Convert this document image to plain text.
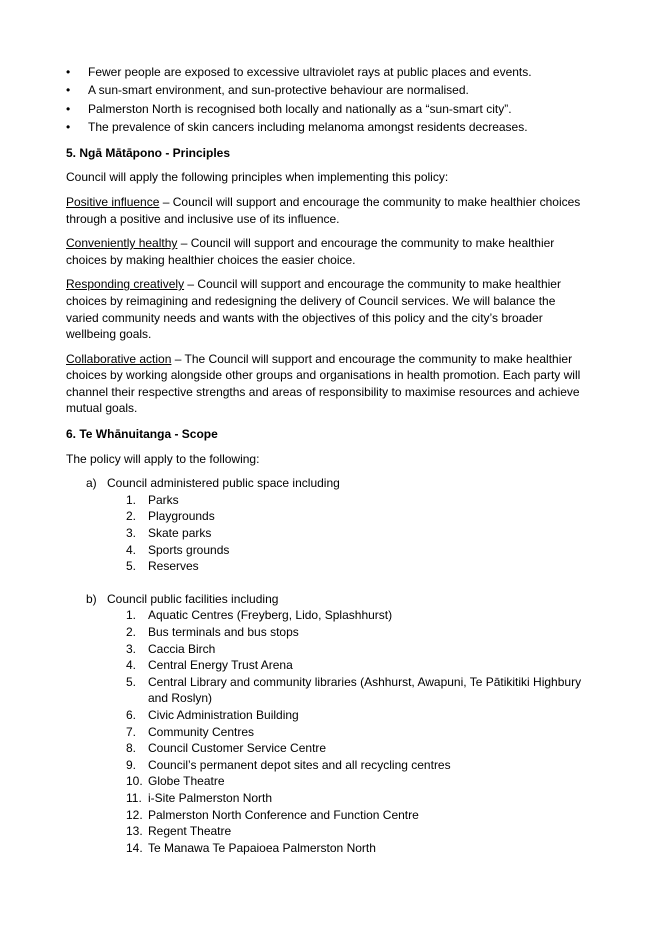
• Fewer people are exposed to excessive ultraviolet rays at public places and events.
• A sun-smart environment, and sun-protective behaviour are normalised.
• Palmerston North is recognised both locally and nationally as a “sun-smart city”.
• The prevalence of skin cancers including melanoma amongst residents decreases.
5. Ngā Mātāpono - Principles

Council will apply the following principles when implementing this policy:

Positive influence – Council will support and encourage the community to make healthier choices through a positive and inclusive use of its influence.

Conveniently healthy – Council will support and encourage the community to make healthier choices by making healthier choices the easier choice.

Responding creatively – Council will support and encourage the community to make healthier choices by reimagining and redesigning the delivery of Council services. We will balance the varied community needs and wants with the objectives of this policy and the city’s broader wellbeing goals.

Collaborative action – The Council will support and encourage the community to make healthier choices by working alongside other groups and organisations in health promotion. Each party will channel their respective strengths and areas of responsibility to maximise resources and achieve mutual goals.

6. Te Whānuitanga - Scope

The policy will apply to the following:

a) Council administered public space including
1. Parks
2. Playgrounds
3. Skate parks
4. Sports grounds
5. Reserves
b) Council public facilities including
1. Aquatic Centres (Freyberg, Lido, Splashhurst)
2. Bus terminals and bus stops
3. Caccia Birch
4. Central Energy Trust Arena
5. Central Library and community libraries (Ashhurst, Awapuni, Te Pātikitiki Highbury and Roslyn)
6. Civic Administration Building
7. Community Centres
8. Council Customer Service Centre
9. Council’s permanent depot sites and all recycling centres
10. Globe Theatre
11. i-Site Palmerston North
12. Palmerston North Conference and Function Centre
13. Regent Theatre
14. Te Manawa Te Papaioea Palmerston North
